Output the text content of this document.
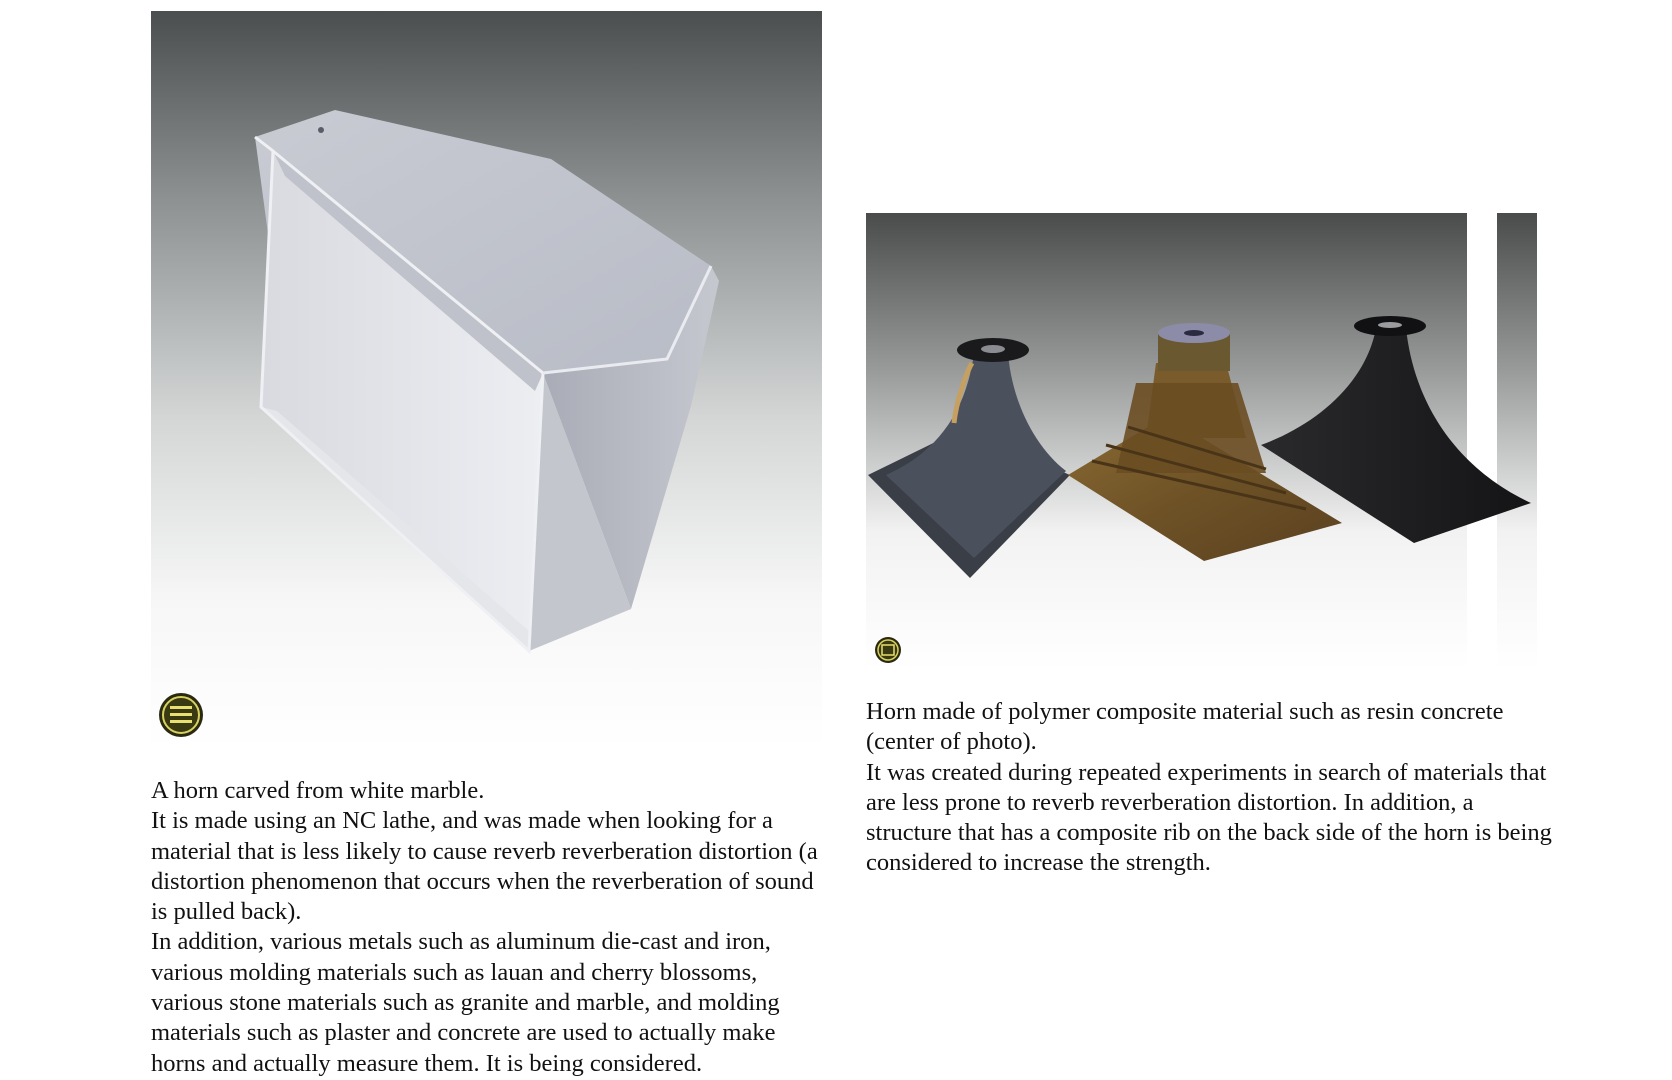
A horn carved from white marble.

It is made using an NC lathe, and was made when looking for a material that is less likely to cause reverb reverberation distortion (a distortion phenomenon that occurs when the reverberation of sound is pulled back).

In addition, various metals such as aluminum die-cast and iron, various molding materials such as lauan and cherry blossoms, various stone materials such as granite and marble, and molding materials such as plaster and concrete are used to actually make horns and actually measure them. It is being considered.

Horn made of polymer composite material such as resin concrete (center of photo).

It was created during repeated experiments in search of materials that are less prone to reverb reverberation distortion. In addition, a structure that has a composite rib on the back side of the horn is being considered to increase the strength.
